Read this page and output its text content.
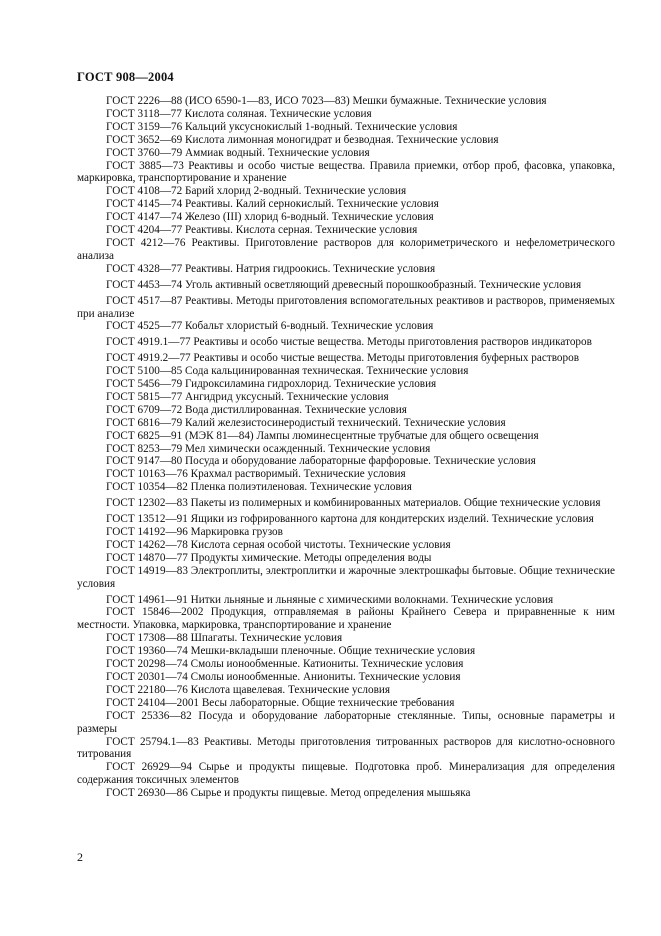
ГОСТ 908—2004

ГОСТ 2226—88 (ИСО 6590-1—83, ИСО 7023—83) Мешки бумажные. Технические условия

ГОСТ 3118—77 Кислота соляная. Технические условия

ГОСТ 3159—76 Кальций уксуснокислый 1-водный. Технические условия

ГОСТ 3652—69 Кислота лимонная моногидрат и безводная. Технические условия

ГОСТ 3760—79 Аммиак водный. Технические условия

ГОСТ 3885—73 Реактивы и особо чистые вещества. Правила приемки, отбор проб, фасовка, упаковка, маркировка, транспортирование и хранение

ГОСТ 4108—72 Барий хлорид 2-водный. Технические условия

ГОСТ 4145—74 Реактивы. Калий сернокислый. Технические условия

ГОСТ 4147—74 Железо (III) хлорид 6-водный. Технические условия

ГОСТ 4204—77 Реактивы. Кислота серная. Технические условия

ГОСТ 4212—76 Реактивы. Приготовление растворов для колориметрического и нефелометрического анализа

ГОСТ 4328—77 Реактивы. Натрия гидроокись. Технические условия

ГОСТ 4453—74 Уголь активный осветляющий древесный порошкообразный. Технические условия

ГОСТ 4517—87 Реактивы. Методы приготовления вспомогательных реактивов и растворов, применяемых при анализе

ГОСТ 4525—77 Кобальт хлористый 6-водный. Технические условия

ГОСТ 4919.1—77 Реактивы и особо чистые вещества. Методы приготовления растворов индикаторов

ГОСТ 4919.2—77 Реактивы и особо чистые вещества. Методы приготовления буферных растворов

ГОСТ 5100—85 Сода кальцинированная техническая. Технические условия

ГОСТ 5456—79 Гидроксиламина гидрохлорид. Технические условия

ГОСТ 5815—77 Ангидрид уксусный. Технические условия

ГОСТ 6709—72 Вода дистиллированная. Технические условия

ГОСТ 6816—79 Калий железистосинеродистый технический. Технические условия

ГОСТ 6825—91 (МЭК 81—84) Лампы люминесцентные трубчатые для общего освещения

ГОСТ 8253—79 Мел химически осажденный. Технические условия

ГОСТ 9147—80 Посуда и оборудование лабораторные фарфоровые. Технические условия

ГОСТ 10163—76 Крахмал растворимый. Технические условия

ГОСТ 10354—82 Пленка полиэтиленовая. Технические условия

ГОСТ 12302—83 Пакеты из полимерных и комбинированных материалов. Общие технические условия

ГОСТ 13512—91 Ящики из гофрированного картона для кондитерских изделий. Технические условия

ГОСТ 14192—96 Маркировка грузов

ГОСТ 14262—78 Кислота серная особой чистоты. Технические условия

ГОСТ 14870—77 Продукты химические. Методы определения воды

ГОСТ 14919—83 Электроплиты, электроплитки и жарочные электрошкафы бытовые. Общие технические условия

ГОСТ 14961—91 Нитки льняные и льняные с химическими волокнами. Технические условия

ГОСТ 15846—2002 Продукция, отправляемая в районы Крайнего Севера и приравненные к ним местности. Упаковка, маркировка, транспортирование и хранение

ГОСТ 17308—88 Шпагаты. Технические условия

ГОСТ 19360—74 Мешки-вкладыши пленочные. Общие технические условия

ГОСТ 20298—74 Смолы ионообменные. Катиониты. Технические условия

ГОСТ 20301—74 Смолы ионообменные. Аниониты. Технические условия

ГОСТ 22180—76 Кислота щавелевая. Технические условия

ГОСТ 24104—2001 Весы лабораторные. Общие технические требования

ГОСТ 25336—82 Посуда и оборудование лабораторные стеклянные. Типы, основные параметры и размеры

ГОСТ 25794.1—83 Реактивы. Методы приготовления титрованных растворов для кислотно-основного титрования

ГОСТ 26929—94 Сырье и продукты пищевые. Подготовка проб. Минерализация для определения содержания токсичных элементов

ГОСТ 26930—86 Сырье и продукты пищевые. Метод определения мышьяка

2
